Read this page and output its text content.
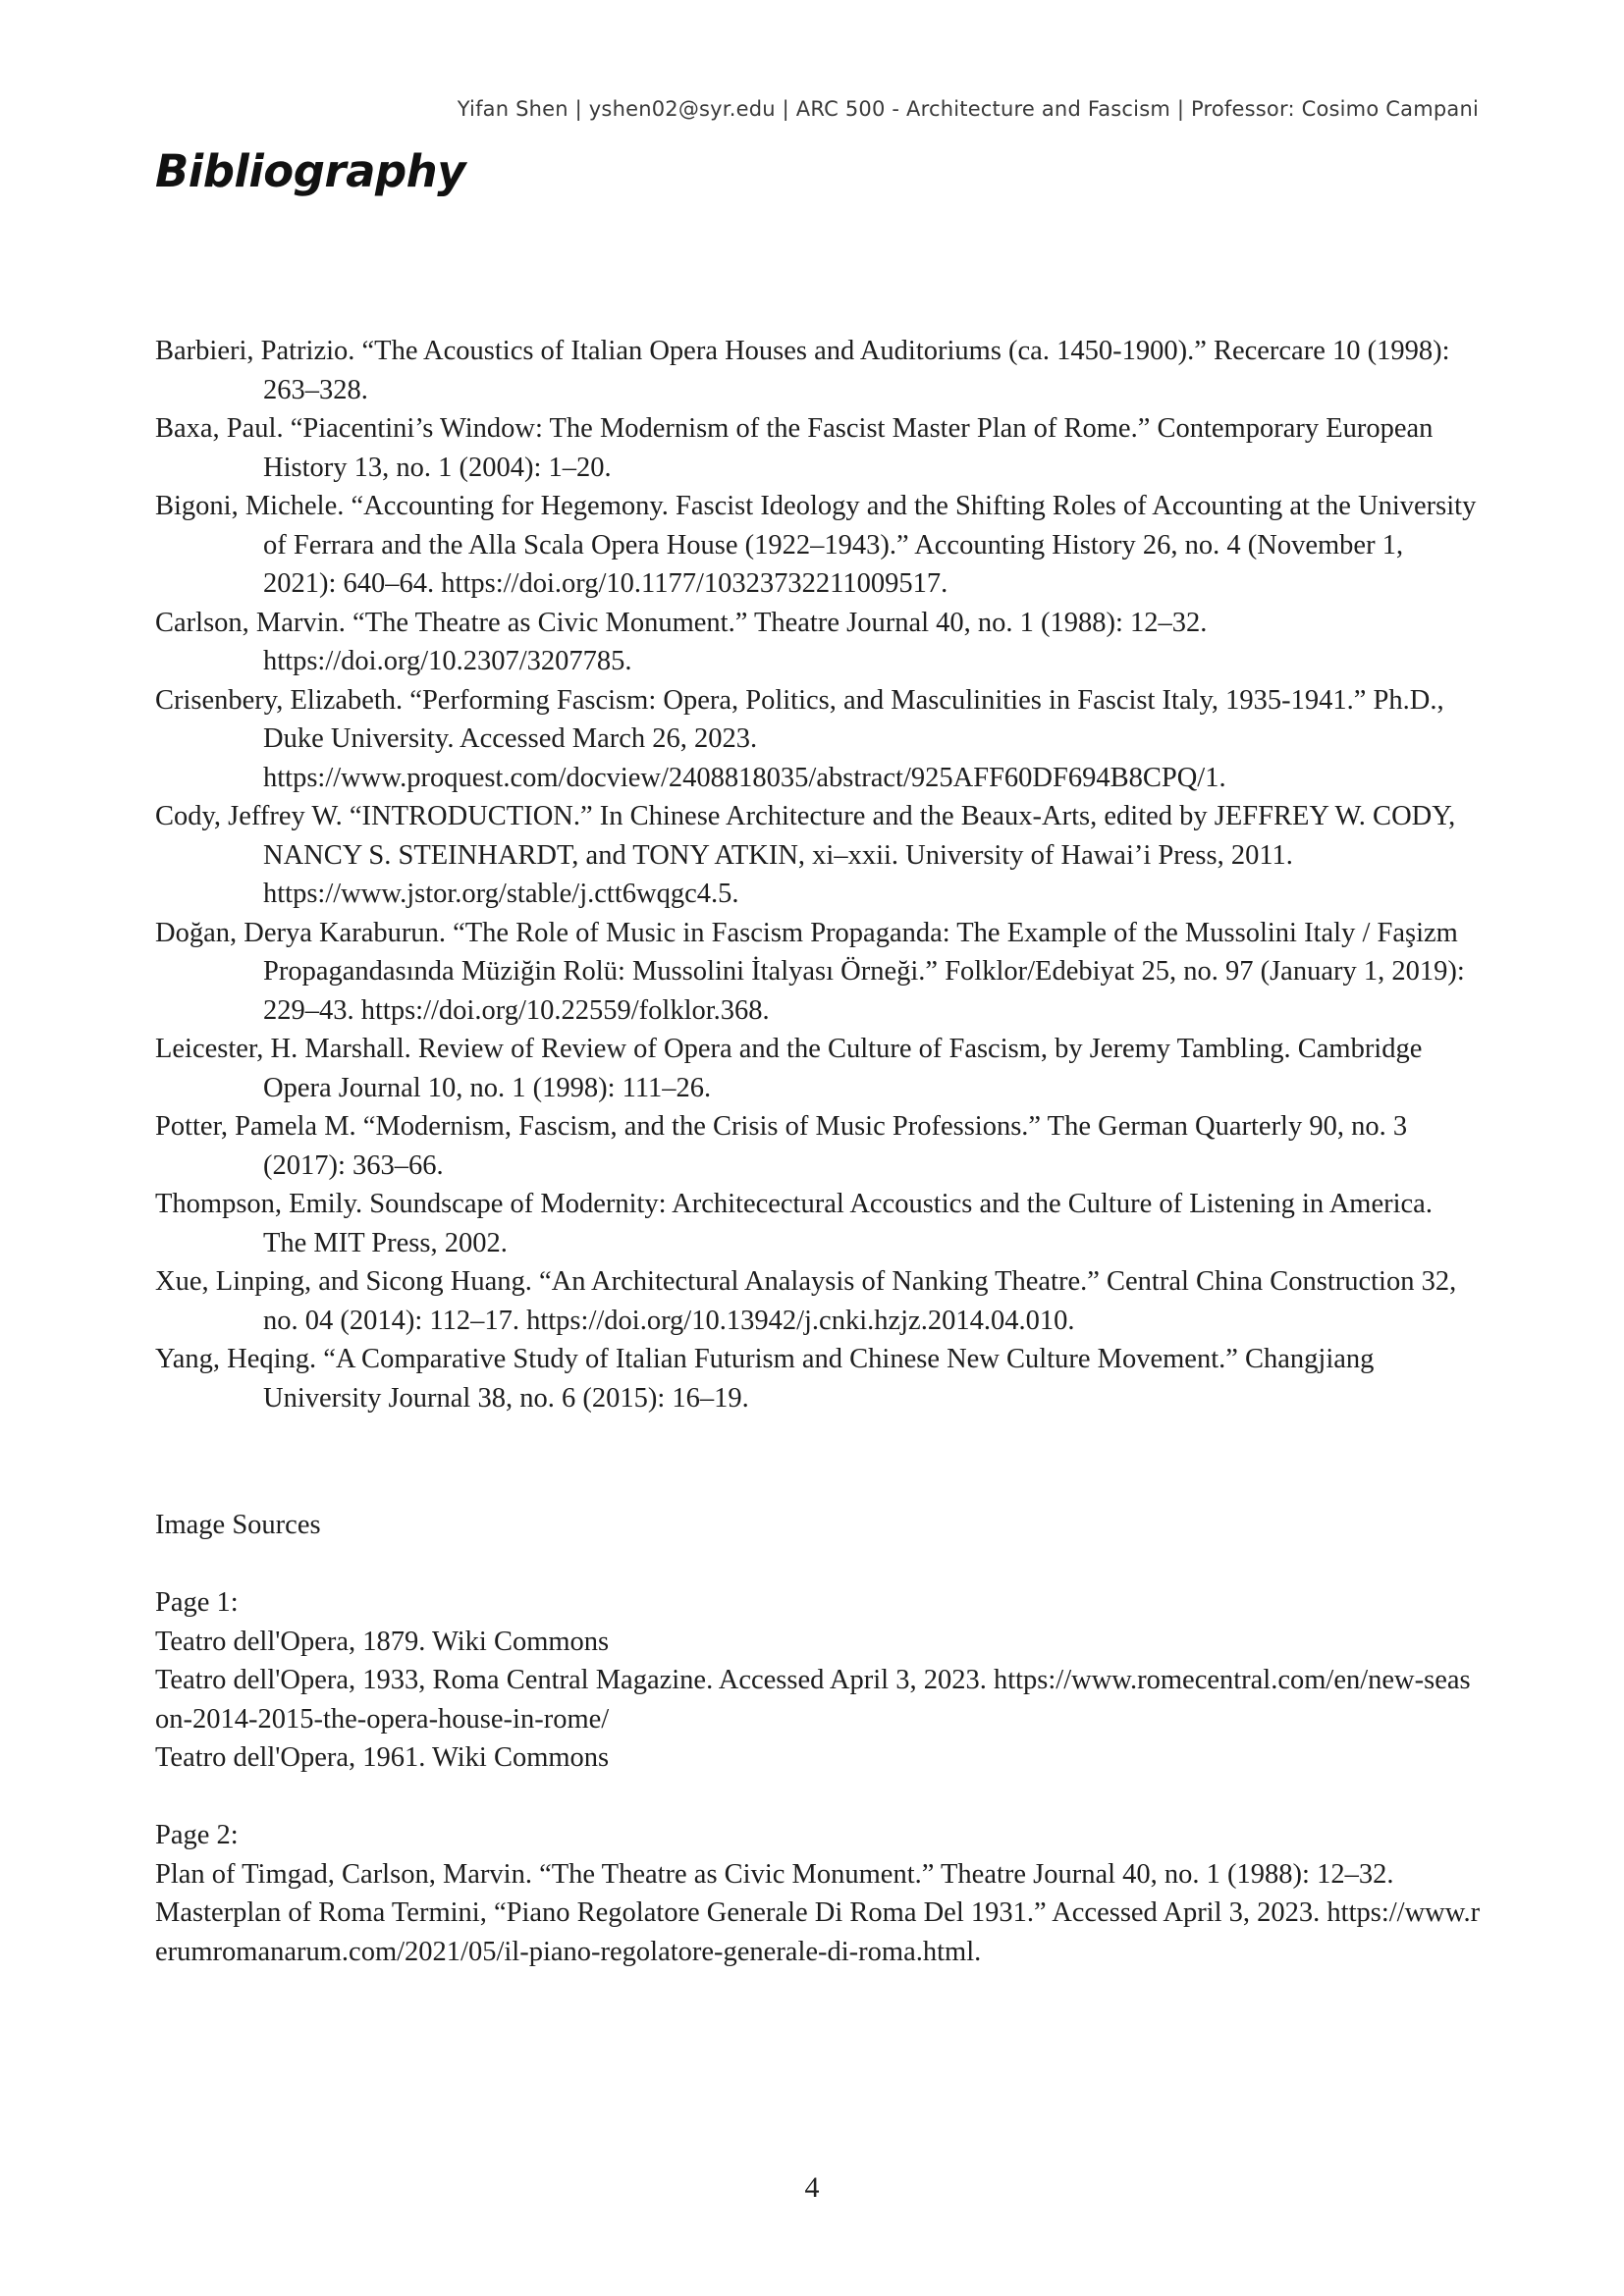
Yifan Shen | yshen02@syr.edu | ARC 500 - Architecture and Fascism | Professor: Cosimo Campani
Bibliography
Barbieri, Patrizio. “The Acoustics of Italian Opera Houses and Auditoriums (ca. 1450-1900).” Recercare 10 (1998): 263–328.
Baxa, Paul. “Piacentini’s Window: The Modernism of the Fascist Master Plan of Rome.” Contemporary European History 13, no. 1 (2004): 1–20.
Bigoni, Michele. “Accounting for Hegemony. Fascist Ideology and the Shifting Roles of Accounting at the University of Ferrara and the Alla Scala Opera House (1922–1943).” Accounting History 26, no. 4 (November 1, 2021): 640–64. https://doi.org/10.1177/10323732211009517.
Carlson, Marvin. “The Theatre as Civic Monument.” Theatre Journal 40, no. 1 (1988): 12–32. https://doi.org/10.2307/3207785.
Crisenbery, Elizabeth. “Performing Fascism: Opera, Politics, and Masculinities in Fascist Italy, 1935-1941.” Ph.D., Duke University. Accessed March 26, 2023. https://www.proquest.com/docview/2408818035/abstract/925AFF60DF694B8CPQ/1.
Cody, Jeffrey W. “INTRODUCTION.” In Chinese Architecture and the Beaux-Arts, edited by JEFFREY W. CODY, NANCY S. STEINHARDT, and TONY ATKIN, xi–xxii. University of Hawai’i Press, 2011. https://www.jstor.org/stable/j.ctt6wqgc4.5.
Doğan, Derya Karaburun. “The Role of Music in Fascism Propaganda: The Example of the Mussolini Italy / Faşizm Propagandasında Müziğin Rolü: Mussolini İtalyası Örneği.” Folklor/Edebiyat 25, no. 97 (January 1, 2019): 229–43. https://doi.org/10.22559/folklor.368.
Leicester, H. Marshall. Review of Review of Opera and the Culture of Fascism, by Jeremy Tambling. Cambridge Opera Journal 10, no. 1 (1998): 111–26.
Potter, Pamela M. “Modernism, Fascism, and the Crisis of Music Professions.” The German Quarterly 90, no. 3 (2017): 363–66.
Thompson, Emily. Soundscape of Modernity: Architecectural Accoustics and the Culture of Listening in America. The MIT Press, 2002.
Xue, Linping, and Sicong Huang. “An Architectural Analaysis of Nanking Theatre.” Central China Construction 32, no. 04 (2014): 112–17. https://doi.org/10.13942/j.cnki.hzjz.2014.04.010.
Yang, Heqing. “A Comparative Study of Italian Futurism and Chinese New Culture Movement.” Changjiang University Journal 38, no. 6 (2015): 16–19.

Image Sources

Page 1:

Teatro dell'Opera, 1879. Wiki Commons
Teatro dell'Opera, 1933, Roma Central Magazine. Accessed April 3, 2023. https://www.romecentral.com/en/new-season-2014-2015-the-opera-house-in-rome/
Teatro dell'Opera, 1961. Wiki Commons

Page 2:

Plan of Timgad, Carlson, Marvin. “The Theatre as Civic Monument.” Theatre Journal 40, no. 1 (1988): 12–32.
Masterplan of Roma Termini, “Piano Regolatore Generale Di Roma Del 1931.” Accessed April 3, 2023. https://www.rerumromanarum.com/2021/05/il-piano-regolatore-generale-di-roma.html.
4
